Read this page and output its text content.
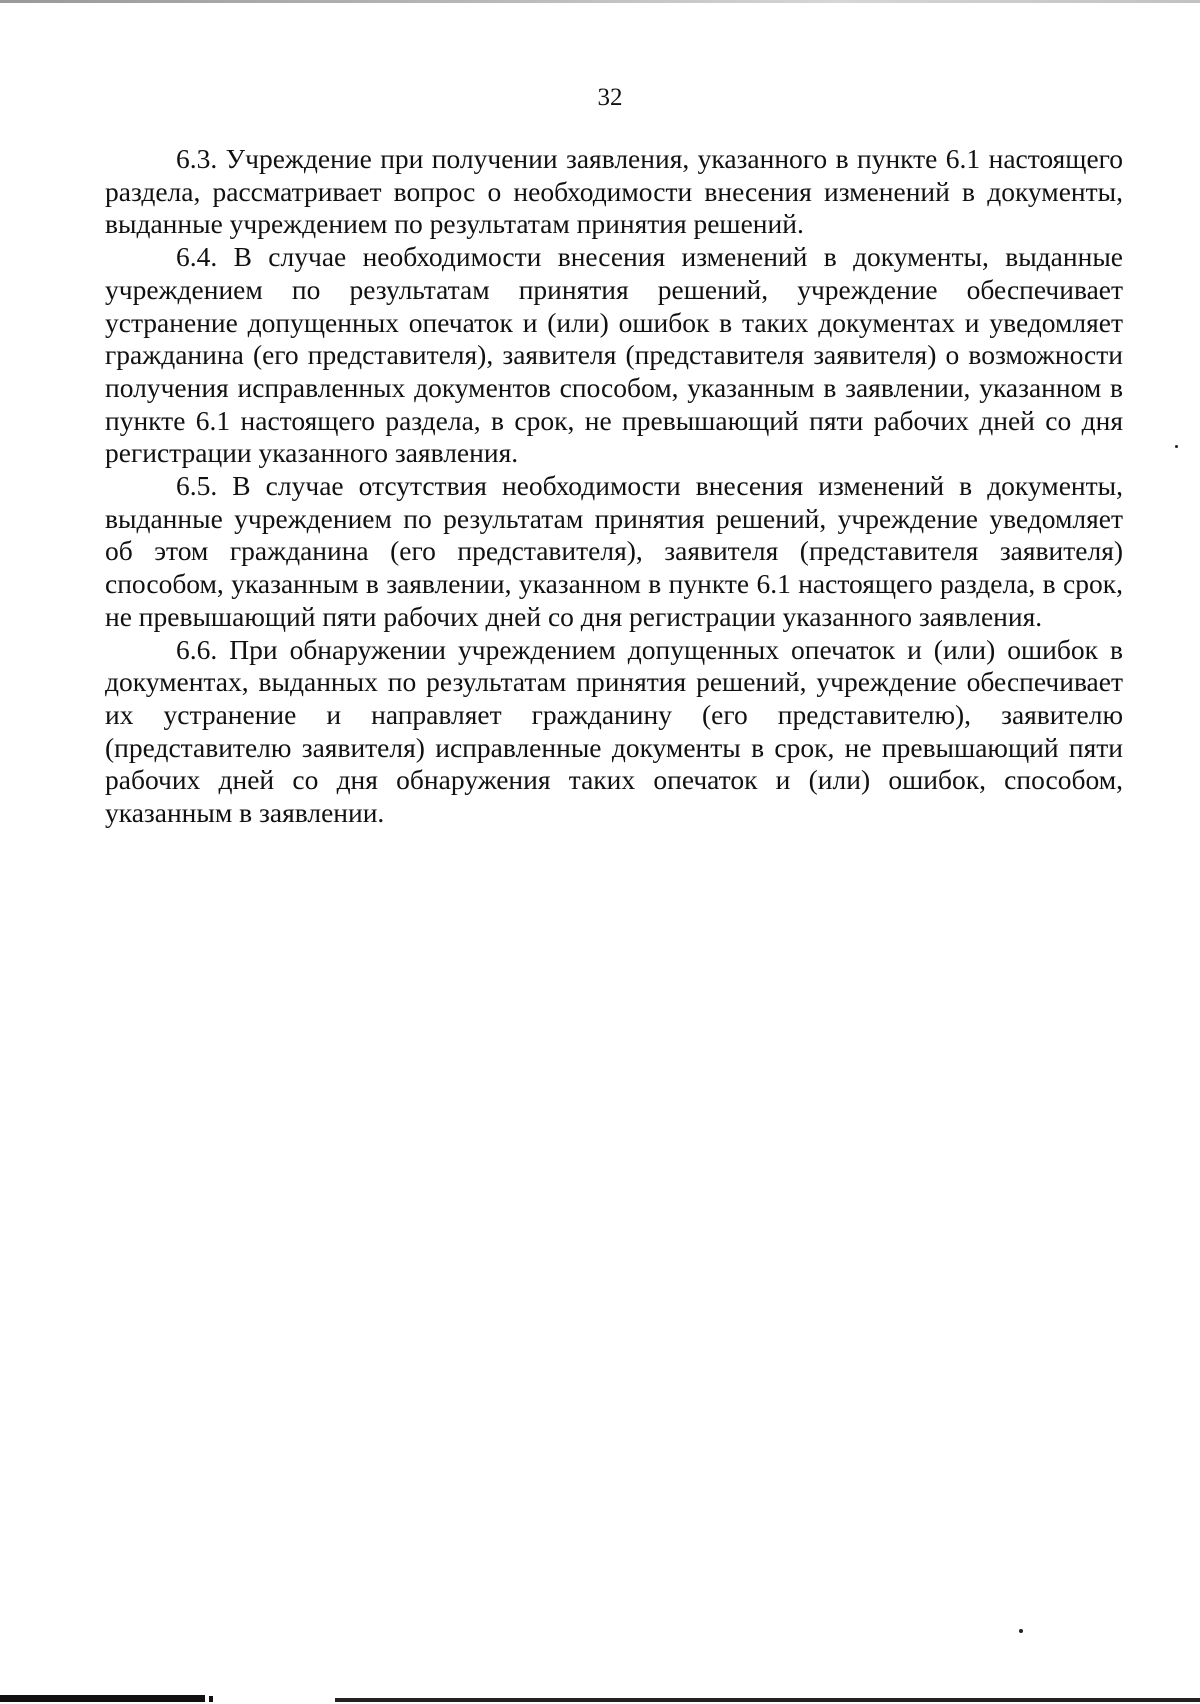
32

6.3. Учреждение при получении заявления, указанного в пункте 6.1 настоящего раздела, рассматривает вопрос о необходимости внесения изменений в документы, выданные учреждением по результатам принятия решений.

6.4. В случае необходимости внесения изменений в документы, выданные учреждением по результатам принятия решений, учреждение обеспечивает устранение допущенных опечаток и (или) ошибок в таких документах и уведомляет гражданина (его представителя), заявителя (представителя заявителя) о возможности получения исправленных документов способом, указанным в заявлении, указанном в пункте 6.1 настоящего раздела, в срок, не превышающий пяти рабочих дней со дня регистрации указанного заявления.

6.5. В случае отсутствия необходимости внесения изменений в документы, выданные учреждением по результатам принятия решений, учреждение уведомляет об этом гражданина (его представителя), заявителя (представителя заявителя) способом, указанным в заявлении, указанном в пункте 6.1 настоящего раздела, в срок, не превышающий пяти рабочих дней со дня регистрации указанного заявления.

6.6. При обнаружении учреждением допущенных опечаток и (или) ошибок в документах, выданных по результатам принятия решений, учреждение обеспечивает их устранение и направляет гражданину (его представителю), заявителю (представителю заявителя) исправленные документы в срок, не превышающий пяти рабочих дней со дня обнаружения таких опечаток и (или) ошибок, способом, указанным в заявлении.
